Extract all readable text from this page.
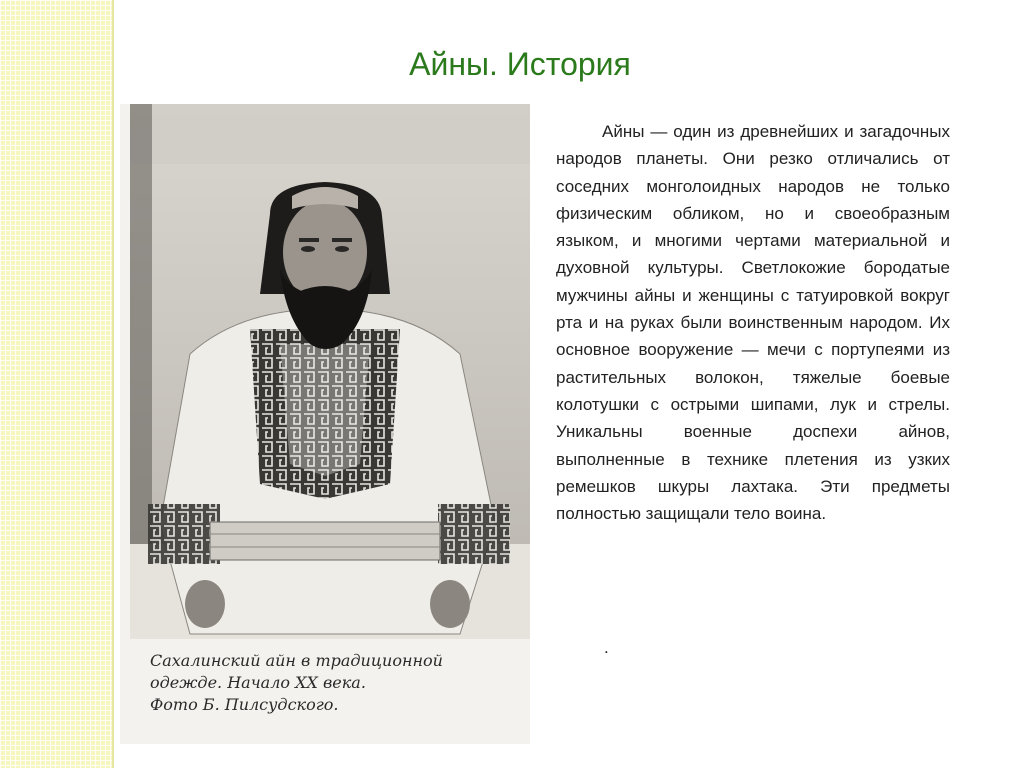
Айны. История
Сахалинский айн в традиционной
одежде. Начало XX века.
Фото Б. Пилсудского.

Айны — один из древнейших и загадочных народов планеты. Они резко отличались от соседних монголоидных народов не только физическим обликом, но и своеобразным языком, и многими чертами материальной и духовной культуры. Светлокожие бородатые мужчины айны и женщины с татуировкой вокруг рта и на руках были воинственным народом. Их основное вооружение — мечи с портупеями из растительных волокон, тяжелые боевые колотушки с острыми шипами, лук и стрелы. Уникальны военные доспехи айнов, выполненные в технике плетения из узких ремешков шкуры лахтака. Эти предметы полностью защищали тело воина.

.
